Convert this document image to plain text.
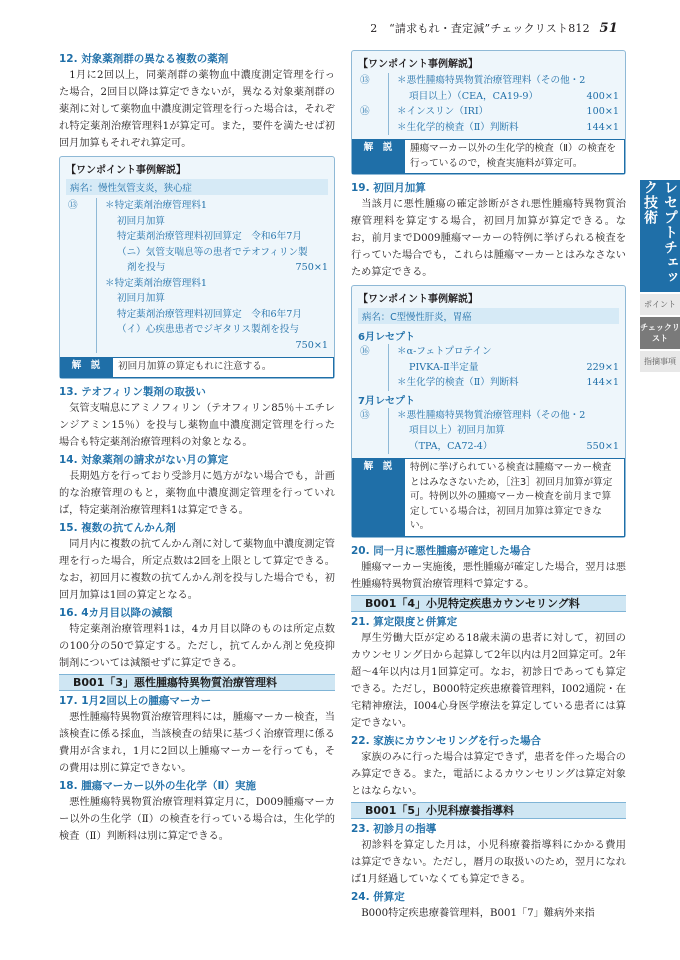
2 “請求もれ・査定減”チェックリスト812 51
12. 対象薬剤群の異なる複数の薬剤
1月に2回以上，同薬剤群の薬物血中濃度測定管理を行った場合，2回目以降は算定できないが，異なる対象薬剤群の薬剤に対して薬物血中濃度測定管理を行った場合は，それぞれ特定薬剤治療管理料1が算定可。また，要件を満たせば初回月加算もそれぞれ算定可。
【ワンポイント事例解説】
病名：慢性気管支炎，狭心症
⑬	＊特定薬剤治療管理料1
初回月加算
特定薬剤治療管理料初回算定　令和6年7月
（ニ）気管支喘息等の患者でテオフィリン製
剤を投与	750×1
＊特定薬剤治療管理料1
初回月加算
特定薬剤治療管理料初回算定　令和6年7月
（イ）心疾患患者でジギタリス製剤を投与
750×1
解　説	初回月加算の算定もれに注意する。
13. テオフィリン製剤の取扱い
気管支喘息にアミノフィリン（テオフィリン85％＋エチレンジアミン15％）を投与し薬物血中濃度測定管理を行った場合も特定薬剤治療管理料の対象となる。
14. 対象薬剤の請求がない月の算定
長期処方を行っており受診月に処方がない場合でも，計画的な治療管理のもと，薬物血中濃度測定管理を行っていれば，特定薬剤治療管理料1は算定できる。
15. 複数の抗てんかん剤
同月内に複数の抗てんかん剤に対して薬物血中濃度測定管理を行った場合，所定点数は2回を上限として算定できる。なお，初回月に複数の抗てんかん剤を投与した場合でも，初回月加算は1回の算定となる。
16. 4カ月目以降の減額
特定薬剤治療管理料1は，4カ月目以降のものは所定点数の100分の50で算定する。ただし，抗てんかん剤と免疫抑制剤については減額せずに算定できる。
B001「3」悪性腫瘍特異物質治療管理料
17. 1月2回以上の腫瘍マーカー
悪性腫瘍特異物質治療管理料には，腫瘍マーカー検査，当該検査に係る採血，当該検査の結果に基づく治療管理に係る費用が含まれ，1月に2回以上腫瘍マーカーを行っても，その費用は別に算定できない。
18. 腫瘍マーカー以外の生化学（Ⅱ）実施
悪性腫瘍特異物質治療管理料算定月に，D009腫瘍マーカー以外の生化学（Ⅱ）の検査を行っている場合は，生化学的検査（Ⅱ）判断料は別に算定できる。
【ワンポイント事例解説】
⑬	＊悪性腫瘍特異物質治療管理料（その他・2
項目以上）（CEA，CA19-9）	400×1
⑯	＊インスリン（IRI）	100×1
＊生化学的検査（Ⅱ）判断料	144×1
解　説	腫瘍マーカー以外の生化学的検査（Ⅱ）の検査を行っているので，検査実施料が算定可。
19. 初回月加算
当該月に悪性腫瘍の確定診断がされ悪性腫瘍特異物質治療管理料を算定する場合，初回月加算が算定できる。なお，前月までD009腫瘍マーカーの特例に挙げられる検査を行っていた場合でも，これらは腫瘍マーカーとはみなさないため算定できる。
【ワンポイント事例解説】
病名：C型慢性肝炎，胃癌
6月レセプト
⑯	＊α-フェトプロテイン
PIVKA-Ⅱ半定量	229×1
＊生化学的検査（Ⅱ）判断料	144×1
7月レセプト
⑬	＊悪性腫瘍特異物質治療管理料（その他・2
項目以上）初回月加算
（TPA，CA72-4）	550×1
解　説	特例に挙げられている検査は腫瘍マーカー検査とはみなさないため，［注3］初回月加算が算定可。特例以外の腫瘍マーカー検査を前月まで算定している場合は，初回月加算は算定できない。
20. 同一月に悪性腫瘍が確定した場合
腫瘍マーカー実施後，悪性腫瘍が確定した場合，翌月は悪性腫瘍特異物質治療管理料で算定する。
B001「4」小児特定疾患カウンセリング料
21. 算定限度と併算定
厚生労働大臣が定める18歳未満の患者に対して，初回のカウンセリング日から起算して2年以内は月2回算定可。2年超～4年以内は月1回算定可。なお，初診日であっても算定できる。ただし，B000特定疾患療養管理料，I002通院・在宅精神療法，I004心身医学療法を算定している患者には算定できない。
22. 家族にカウンセリングを行った場合
家族のみに行った場合は算定できず，患者を伴った場合のみ算定できる。また，電話によるカウンセリングは算定対象とはならない。
B001「5」小児科療養指導料
23. 初診月の指導
初診料を算定した月は，小児科療養指導料にかかる費用は算定できない。ただし，暦月の取扱いのため，翌月になれば1月経過していなくても算定できる。
24. 併算定
B000特定疾患療養管理料，B001「7」難病外来指
レセプトチェック技術
ポイント
チェックリスト
指摘事項
